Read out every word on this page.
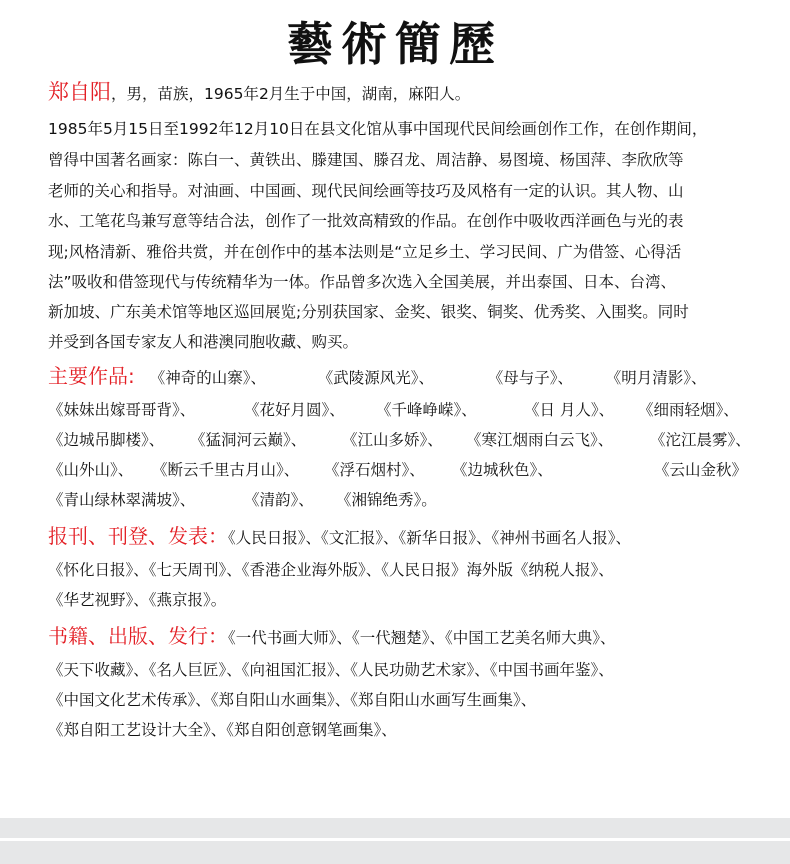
藝術簡歷
郑自阳，男，苗族，1965年2月生于中国，湖南，麻阳人。
1985年5月15日至1992年12月10日在县文化馆从事中国现代民间绘画创作工作，在创作期间，
曾得中国著名画家：陈白一、黄铁出、滕建国、滕召龙、周洁静、易图境、杨国萍、李欣欣等
老师的关心和指导。对油画、中国画、现代民间绘画等技巧及风格有一定的认识。其人物、山
水、工笔花鸟兼写意等结合法，创作了一批效高精致的作品。在创作中吸收西洋画色与光的表
现;风格清新、雅俗共赏，并在创作中的基本法则是“立足乡土、学习民间、广为借签、心得活
法”吸收和借签现代与传统精华为一体。作品曾多次选入全国美展，并出泰国、日本、台湾、
新加坡、广东美术馆等地区巡回展览;分别获国家、金奖、银奖、铜奖、优秀奖、入围奖。同时
并受到各国专家友人和港澳同胞收藏、购买。
主要作品: 《神奇的山寨》、	《武陵源风光》、	《母与子》、 《明月清影》、
《妹妹出嫁哥哥背》、	《花好月圆》、 《千峰峥嵘》、	《日 月人》、 《细雨轻烟》、
《边城吊脚楼》、 《猛洞河云巅》、 《江山多娇》、 《寒江烟雨白云飞》、 《沱江晨雾》、
《山外山》、 《断云千里古月山》、 《浮石烟村》、 《边城秋色》、	《云山金秋》
《青山绿林翠满坡》、	《清韵》、 《湘锦绝秀》。
报刊、刊登、发表：《人民日报》、《文汇报》、《新华日报》、《神州书画名人报》、
《怀化日报》、《七天周刊》、《香港企业海外版》、《人民日报》海外版《纳税人报》、
《华艺视野》、《燕京报》。
书籍、出版、发行：《一代书画大师》、《一代翘楚》、《中国工艺美名师大典》、
《天下收藏》、《名人巨匠》、《向祖国汇报》、《人民功勋艺术家》、《中国书画年鉴》、
《中国文化艺术传承》、《郑自阳山水画集》、《郑自阳山水画写生画集》、
《郑自阳工艺设计大全》、《郑自阳创意钢笔画集》、
